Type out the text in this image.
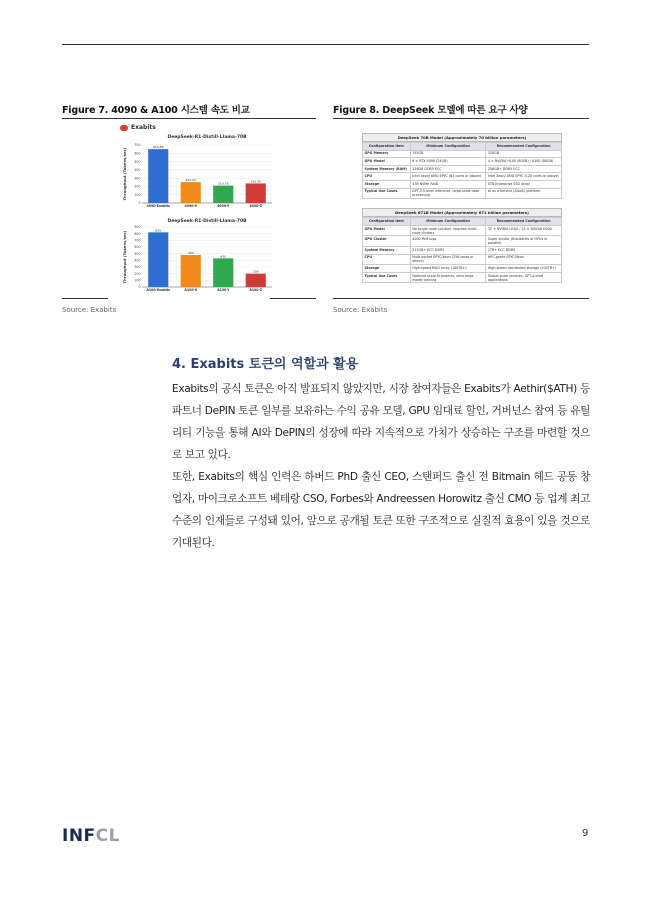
Figure 7. 4090 & A100 시스템 속도 비교
Exabits
DeepSeek-R1-Distill-Llama-70B
Throughput (Tokens/sec)
700
600
500
400
300
200
100
0
650.86
4090-Exabits
252.50
4090-X
210.78
4090-Y
236.40
4090-Z
DeepSeek-R1-Distill-Llama-70B
Throughput (Tokens/sec)
900
800
700
600
500
400
300
200
100
0
820
A100-Exabits
480
A100-X
430
A100-Y
200
A100-Z
Source: Exabits
Figure 8. DeepSeek 모델에 따른 요구 사양
DeepSeek 70B Model (Approximately 70 billion parameters)
Configuration Item	Minimum Configuration	Recommended Configuration
GPU Memory	192GB	320GB
GPU Model	8 × RTX 4090 (24GB)	4 × NVIDIA H100 (80GB) / A100 (80GB)
System Memory (RAM)	128GB DDR5 ECC	256GB+ DDR5 ECC
CPU	Intel Xeon/ AMD EPYC (64 cores or above)	Intel Xeon/ AMD EPYC (128 cores or above)
Storage	4TB NVMe RAID	8TB Enterprise SSD Array
Typical Use Cases	GPT-3.5-level inference, large-scale data processing	AI as a Service (AIaaS) platform
DeepSeek 671B Model (Approximately 671 billion parameters)
Configuration Item	Minimum Configuration	Recommended Configuration
GPU Model	No single-node solution, requires multi-node clusters	32 × NVIDIA H100 / 24 × NVIDIA H200
GPU Cluster	4000 PetFLops	Super cluster (thousands of GPUs in parallel)
System Memory	512GB+ ECC DDR5	2TB+ ECC DDR5
CPU	Multi-socket EPYC/Xeon (256 cores or above)	HPC-grade EPYC/Xeon
Storage	High-speed RAID array (100TB+)	High-speed distributed storage (100TB+)
Typical Use Cases	National-scale AI projects, ultra-large model training	Global-scale services, GPT-4-level applications
Source: Exabits
4. Exabits 토큰의 역할과 활용
Exabits의 공식 토큰은 아직 발표되지 않았지만, 시장 참여자들은 Exabits가 Aethir($ATH) 등 파트너 DePIN 토큰 일부를 보유하는 수익 공유 모델, GPU 임대료 할인, 거버넌스 참여 등 유틸리티 기능을 통해 AI와 DePIN의 성장에 따라 지속적으로 가치가 상승하는 구조를 마련할 것으로 보고 있다.
또한, Exabits의 핵심 인력은 하버드 PhD 출신 CEO, 스탠퍼드 출신 전 Bitmain 헤드 공동 창업자, 마이크로소프트 베테랑 CSO, Forbes와 Andreessen Horowitz 출신 CMO 등 업계 최고 수준의 인재들로 구성돼 있어, 앞으로 공개될 토큰 또한 구조적으로 실질적 효용이 있을 것으로 기대된다.
INFCL	9
